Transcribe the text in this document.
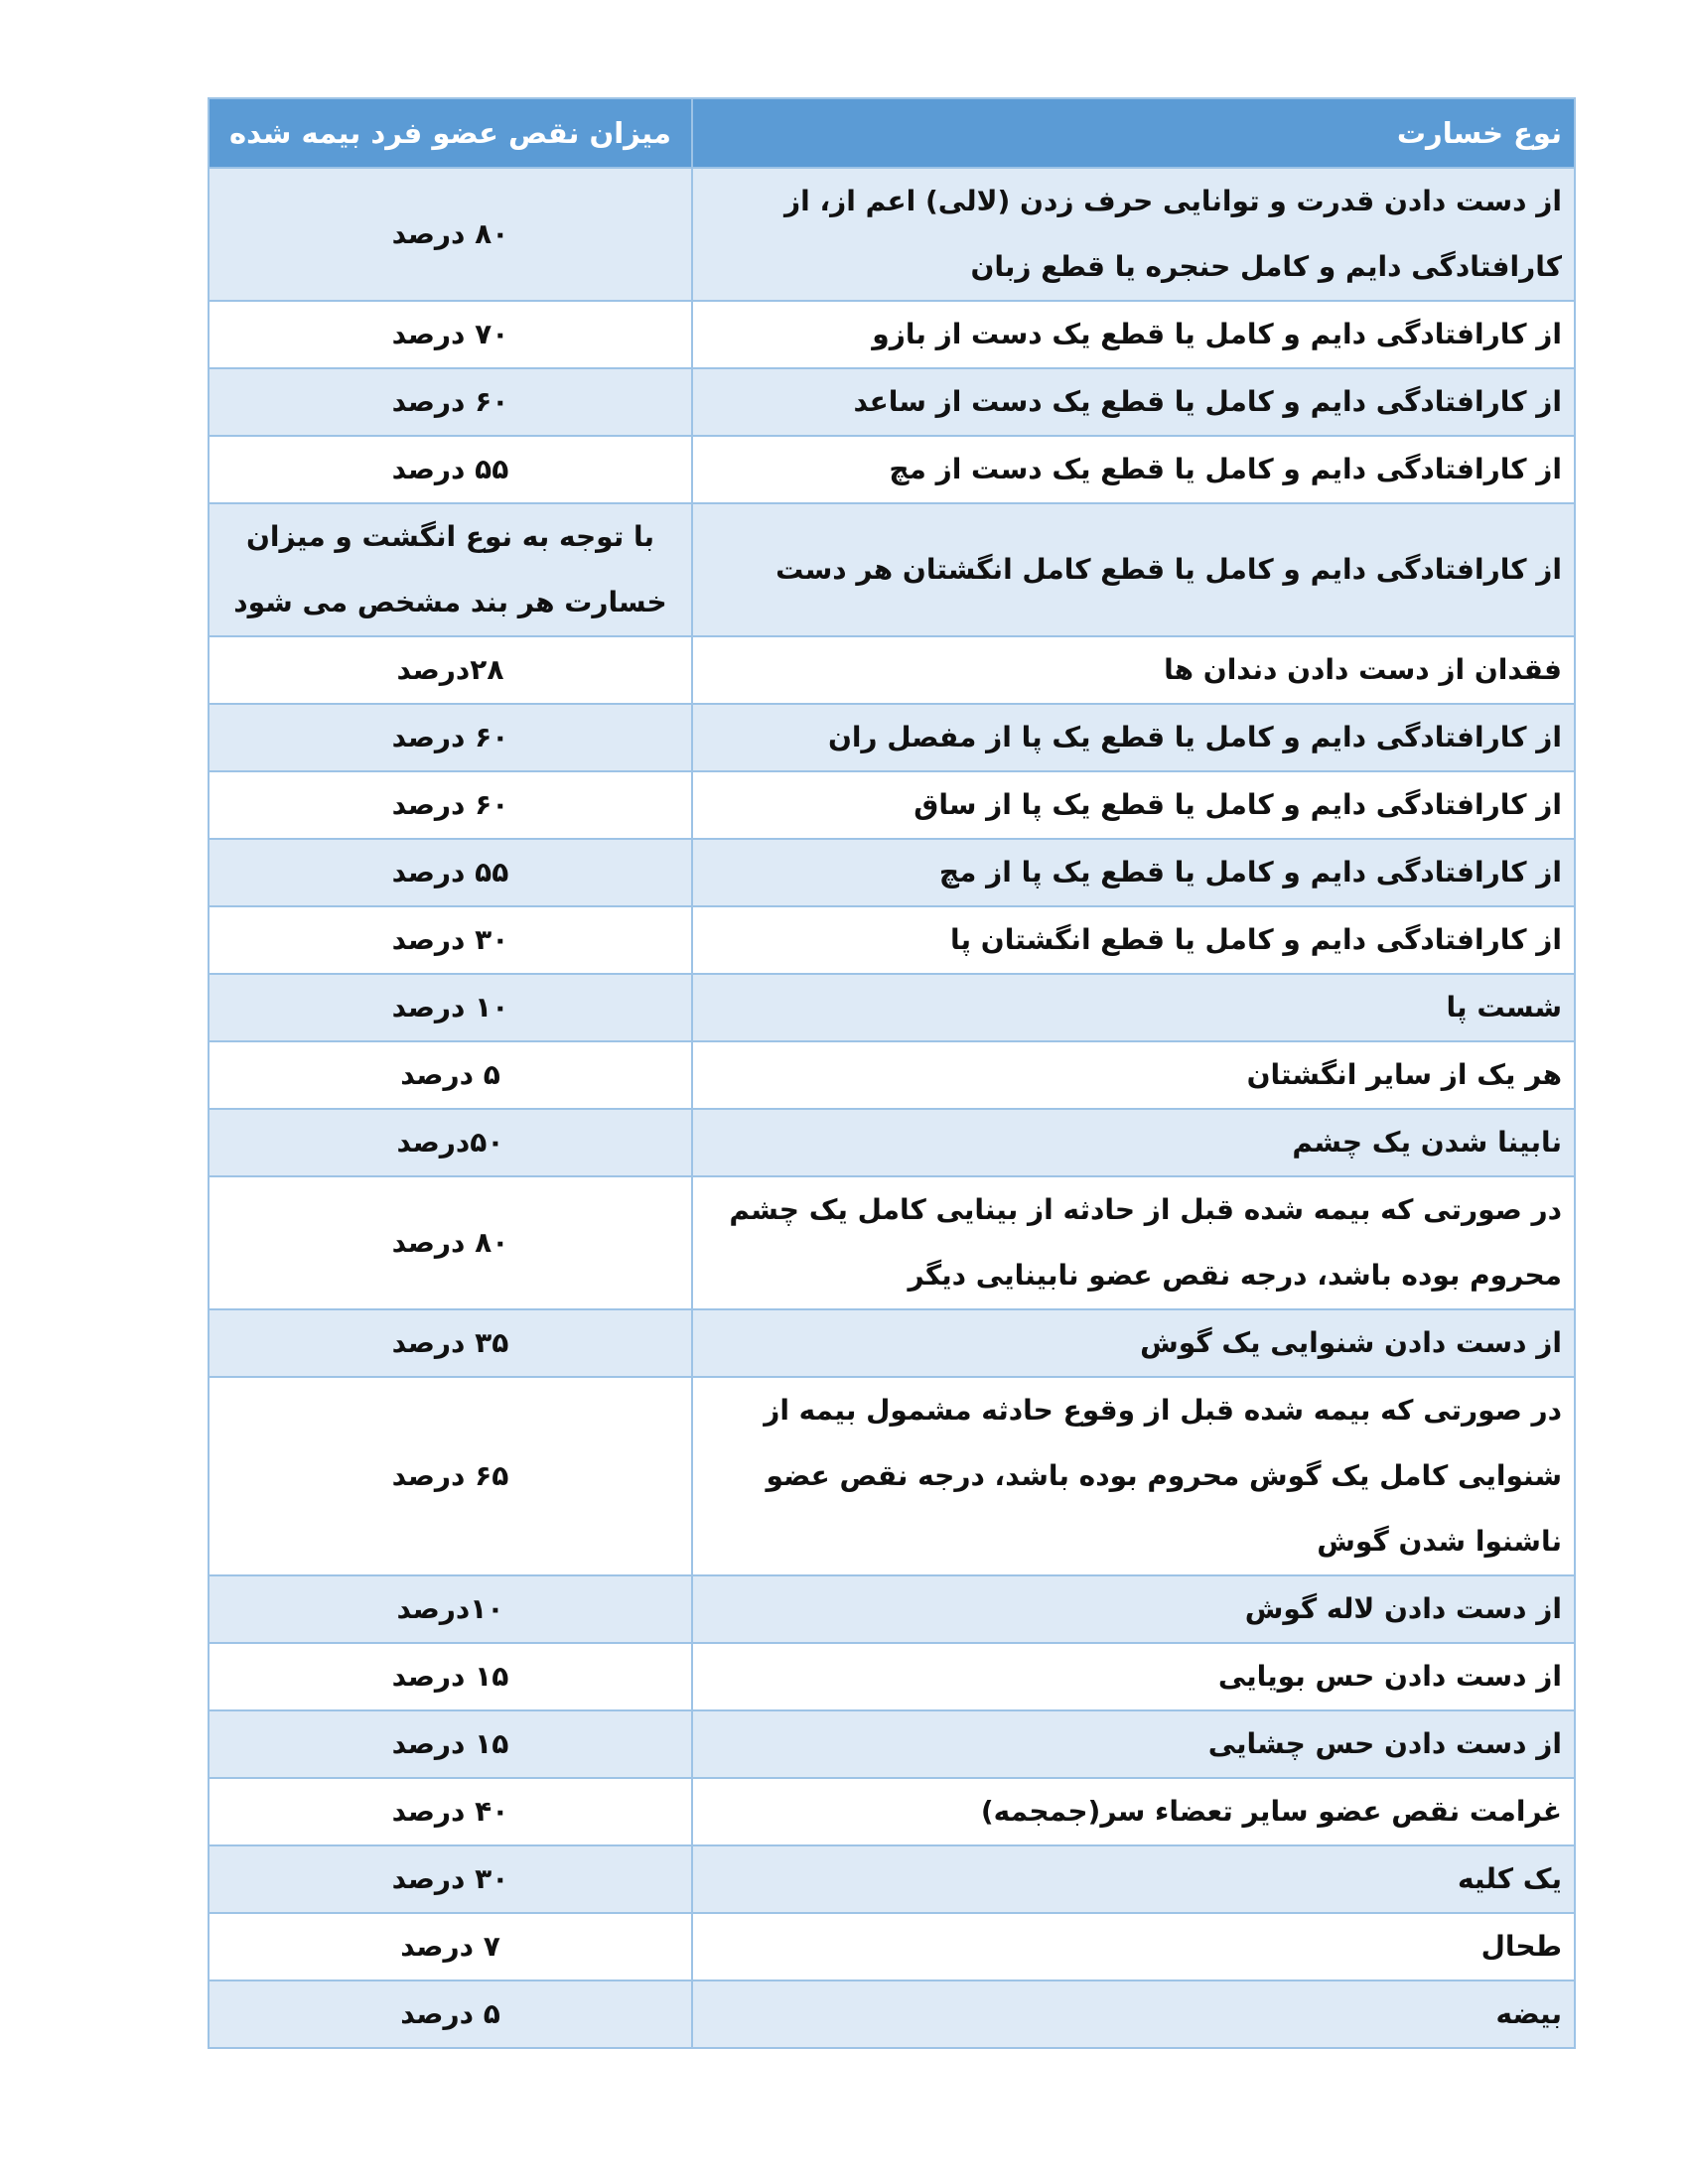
نوع خسارت	میزان نقص عضو فرد بیمه شده
از دست دادن قدرت و توانایی حرف زدن (لالی) اعم از، از کارافتادگی دایم و کامل حنجره یا قطع زبان	۸۰ درصد
از کارافتادگی دایم و کامل یا قطع یک دست از بازو	۷۰ درصد
از کارافتادگی دایم و کامل یا قطع یک دست از ساعد	۶۰ درصد
از کارافتادگی دایم و کامل یا قطع یک دست از مچ	۵۵ درصد
از کارافتادگی دایم و کامل یا قطع کامل انگشتان هر دست	با توجه به نوع انگشت و میزان خسارت هر بند مشخص می شود
فقدان از دست دادن دندان ها	۲۸درصد
از کارافتادگی دایم و کامل یا قطع یک پا از مفصل ران	۶۰ درصد
از کارافتادگی دایم و کامل یا قطع یک پا از ساق	۶۰ درصد
از کارافتادگی دایم و کامل یا قطع یک پا از مچ	۵۵ درصد
از کارافتادگی دایم و کامل یا قطع انگشتان پا	۳۰ درصد
شست پا	۱۰ درصد
هر یک از سایر انگشتان	۵ درصد
نابینا شدن یک چشم	۵۰درصد
در صورتی که بیمه شده قبل از حادثه از بینایی کامل یک چشم محروم بوده باشد، درجه نقص عضو نابینایی دیگر	۸۰ درصد
از دست دادن شنوایی یک گوش	۳۵ درصد
در صورتی که بیمه شده قبل از وقوع حادثه مشمول بیمه از شنوایی کامل یک گوش محروم بوده باشد، درجه نقص عضو ناشنوا شدن گوش	۶۵ درصد
از دست دادن لاله گوش	۱۰درصد
از دست دادن حس بویایی	۱۵ درصد
از دست دادن حس چشایی	۱۵ درصد
غرامت نقص عضو سایر تعضاء سر(جمجمه)	۴۰ درصد
یک کلیه	۳۰ درصد
طحال	۷ درصد
بیضه	۵ درصد
